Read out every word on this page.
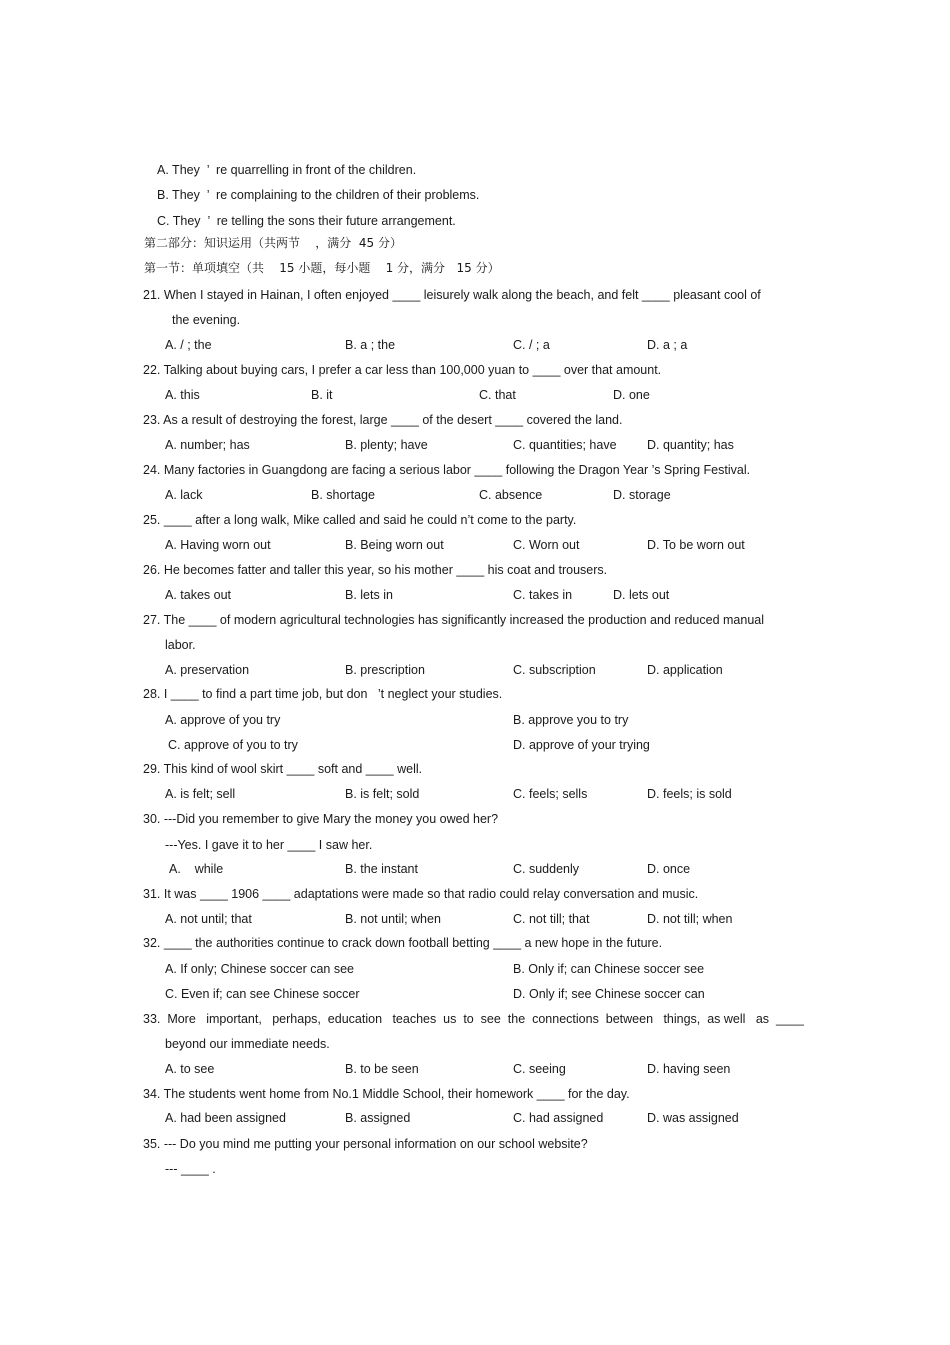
A. They  ’  re quarrelling in front of the children.
B. They  ’  re complaining to the children of their problems.
C. They  ’  re telling the sons their future arrangement.
第二部分：知识运用（共两节    ，满分  45 分）
第一节：单项填空（共    15 小题，每小题    1 分，满分   15 分）
21. When I stayed in Hainan, I often enjoyed ____ leisurely walk along the beach, and felt ____ pleasant cool of
the evening.
A. / ; the	B. a ; the	C. / ; a	D. a ; a
22. Talking about buying cars, I prefer a car less than 100,000 yuan to ____ over that amount.
A. this	B. it	C. that	D. one
23. As a result of destroying the forest, large ____ of the desert ____ covered the land.
A. number; has	B. plenty; have	C. quantities; have D. quantity; has
24. Many factories in Guangdong are facing a serious labor ____ following the Dragon Year ’s Spring Festival.
A. lack	B. shortage	C. absence	D. storage
25. ____ after a long walk, Mike called and said he could n’t come to the party.
A. Having worn out	B. Being worn out	C. Worn out	D. To be worn out
26. He becomes fatter and taller this year, so his mother ____ his coat and trousers.
A. takes out	B. lets in	C. takes in	D. lets out
27. The ____ of modern agricultural technologies has significantly increased the production and reduced manual
labor.
A. preservation	B. prescription	C. subscription	D. application
28. I ____ to find a part time job, but don   ’t neglect your studies.
A. approve of you try	B. approve you to try
C. approve of you to try	D. approve of your trying
29. This kind of wool skirt ____ soft and ____ well.
A. is felt; sell	B. is felt; sold	C. feels; sells	D. feels; is sold
30. ---Did you remember to give Mary the money you owed her?
---Yes. I gave it to her ____ I saw her.
A.    while	B. the instant	C. suddenly	D. once
31. It was ____ 1906 ____ adaptations were made so that radio could relay conversation and music.
A. not until; that	B. not until; when	C. not till; that	D. not till; when
32. ____ the authorities continue to crack down football betting ____ a new hope in the future.
A. If only; Chinese soccer can see	B. Only if; can Chinese soccer see
C. Even if; can see Chinese soccer	D. Only if; see Chinese soccer can
33.  More   important,   perhaps,  education   teaches  us  to  see  the  connections  between   things,  as well   as  ____
beyond our immediate needs.
A. to see	B. to be seen	C. seeing	D. having seen
34. The students went home from No.1 Middle School, their homework ____ for the day.
A. had been assigned	B. assigned	C. had assigned	D. was assigned
35. --- Do you mind me putting your personal information on our school website?
--- ____ .
